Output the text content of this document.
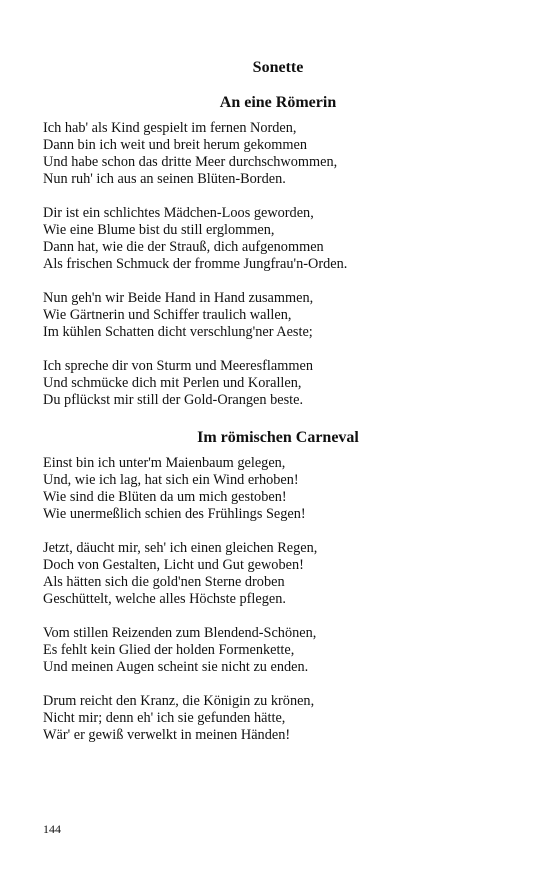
Sonette
An eine Römerin
Ich hab' als Kind gespielt im fernen Norden,
Dann bin ich weit und breit herum gekommen
Und habe schon das dritte Meer durchschwommen,
Nun ruh' ich aus an seinen Blüten-Borden.
Dir ist ein schlichtes Mädchen-Loos geworden,
Wie eine Blume bist du still erglommen,
Dann hat, wie die der Strauß, dich aufgenommen
Als frischen Schmuck der fromme Jungfrau'n-Orden.
Nun geh'n wir Beide Hand in Hand zusammen,
Wie Gärtnerin und Schiffer traulich wallen,
Im kühlen Schatten dicht verschlung'ner Aeste;
Ich spreche dir von Sturm und Meeresflammen
Und schmücke dich mit Perlen und Korallen,
Du pflückst mir still der Gold-Orangen beste.
Im römischen Carneval
Einst bin ich unter'm Maienbaum gelegen,
Und, wie ich lag, hat sich ein Wind erhoben!
Wie sind die Blüten da um mich gestoben!
Wie unermeßlich schien des Frühlings Segen!
Jetzt, däucht mir, seh' ich einen gleichen Regen,
Doch von Gestalten, Licht und Gut gewoben!
Als hätten sich die gold'nen Sterne droben
Geschüttelt, welche alles Höchste pflegen.
Vom stillen Reizenden zum Blendend-Schönen,
Es fehlt kein Glied der holden Formenkette,
Und meinen Augen scheint sie nicht zu enden.
Drum reicht den Kranz, die Königin zu krönen,
Nicht mir; denn eh' ich sie gefunden hätte,
Wär' er gewiß verwelkt in meinen Händen!
144
